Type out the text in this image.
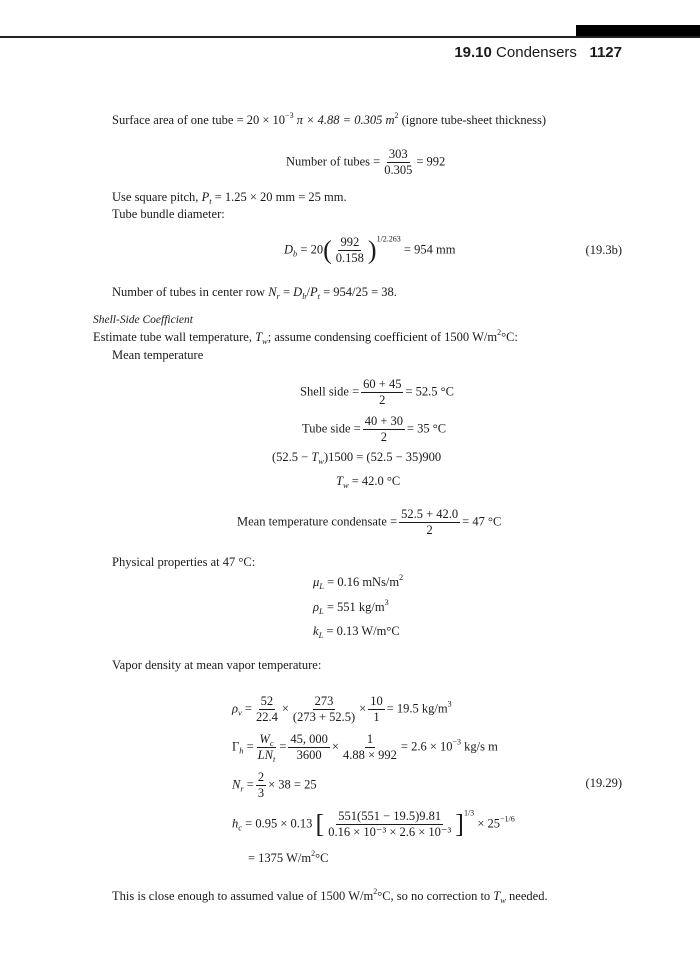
19.10 Condensers 1127
Surface area of one tube = $20 \times 10^{-3}$ π × 4.88 = 0.305 $m^2$ (ignore tube-sheet thickness)
Number of tubes = $\frac{303}{0.305} = 992$
Use square pitch, $P_t = 1.25 \times 20$ mm = 25 mm.
Tube bundle diameter:
$D_b = 20( \frac{992}{0.158} )^{1/2.263} = 954$ mm	(19.3b)
Number of tubes in center row $N_r = D_b/P_t = 954/25 = 38$.
Shell-Side Coefficient
Estimate tube wall temperature, $T_w$; assume condensing coefficient of 1500 $W/m^2^\circ C$:
Mean temperature
Shell side = $\frac{60 + 45}{2} = 52.5$ °C
Tube side = $\frac{40 + 30}{2} = 35$ °C
$(52.5 - T_w)1500 = (52.5 - 35)900$
$T_w = 42.0$ °C
Mean temperature condensate = $\frac{52.5 + 42.0}{2} = 47$ °C
Physical properties at 47 °C:
$\mu_L = 0.16$ mNs/$m^2$
$\rho_L = 551$ $kg/m^3$
$k_L = 0.13$ W/m°C
Vapor density at mean vapor temperature:
$\rho_v = \frac{52}{22.4} \times \frac{273}{(273 + 52.5)} \times \frac{10}{1} = 19.5$ $kg/m^3$
$\Gamma_h = \frac{W_c}{LN_t} = \frac{45, 000}{3600} \times \frac{1}{4.88 \times 992} = 2.6 \times 10^{-3}$ kg/s m
$N_r = \frac{2}{3} \times 38 = 25$	(19.29)
$h_c = 0.95 \times 0.13$ [ $\frac{551(551 - 19.5)9.81}{\text{0.16 × 10⁻³ × 2.6 × 10⁻³}} ]^{1/3} \times 25^{-1/6}$
= 1375 $W/m^2^\circ C$
This is close enough to assumed value of 1500 $W/m^2^\circ C$, so no correction to $T_w$ needed.
